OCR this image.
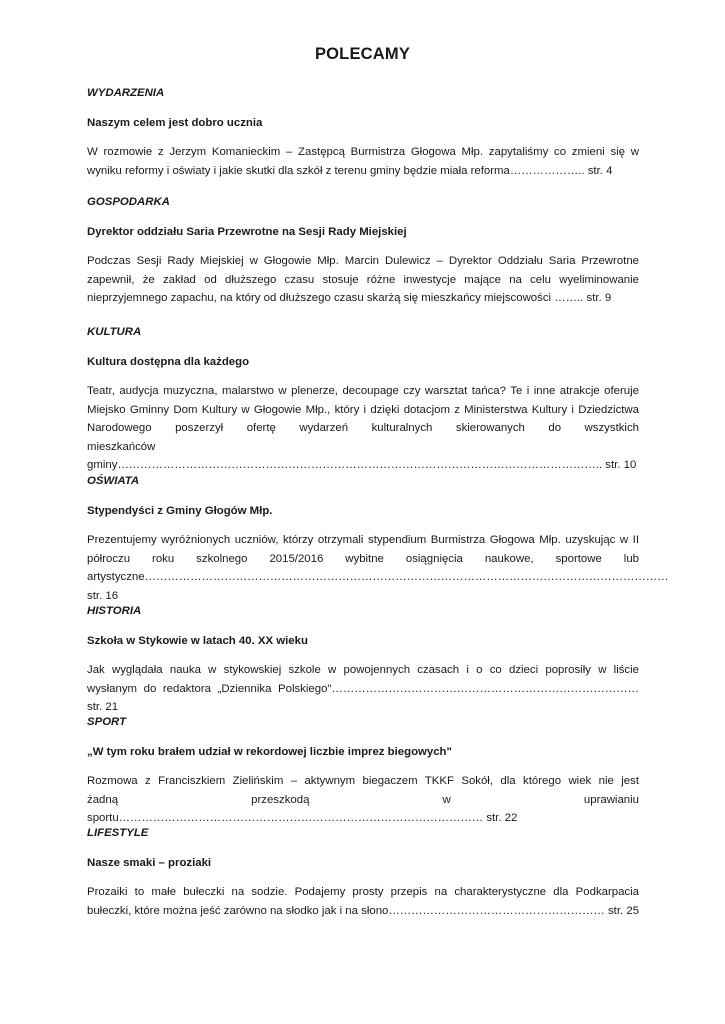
POLECAMY

WYDARZENIA

Naszym celem jest dobro ucznia

W rozmowie z Jerzym Komanieckim – Zastępcą Burmistrza Głogowa Młp. zapytaliśmy co zmieni się w
wyniku reformy i oświaty i jakie skutki dla szkół z terenu gminy będzie miała reforma……………….. str. 4

GOSPODARKA

Dyrektor oddziału Saria Przewrotne na Sesji Rady Miejskiej

Podczas Sesji Rady Miejskiej w Głogowie Młp. Marcin Dulewicz – Dyrektor Oddziału Saria Przewrotne zapewnił, że zakład od dłuższego czasu stosuje różne inwestycje mające na celu wyeliminowanie
nieprzyjemnego zapachu, na który od dłuższego czasu skarżą się mieszkańcy miejscowości …….. str. 9

KULTURA

Kultura dostępna dla każdego

Teatr, audycja muzyczna, malarstwo w plenerze, decoupage czy warsztat tańca? Te i inne atrakcje oferuje Miejsko Gminny Dom Kultury w Głogowie Młp., który i dzięki dotacjom z Ministerstwa Kultury i Dziedzictwa Narodowego poszerzył ofertę wydarzeń kulturalnych skierowanych do wszystkich
mieszkańców gminy……………………………………………………………………………………………………………….. str. 10

OŚWIATA

Stypendyści z Gminy Głogów Młp.

Prezentujemy wyróżnionych uczniów, którzy otrzymali stypendium Burmistrza Głogowa Młp. uzyskując w II półroczu roku szkolnego 2015/2016 wybitne osiągnięcia naukowe, sportowe lub
artystyczne………………………………………………………………………………………………………………………… str. 16

HISTORIA

Szkoła w Stykowie w latach 40. XX wieku

Jak wyglądała nauka w stykowskiej szkole w powojennych czasach i o co dzieci poprosiły w liście
wysłanym do redaktora „Dziennika Polskiego"……………………………………………………………………… str. 21

SPORT

„W tym roku brałem udział w rekordowej liczbie imprez biegowych"

Rozmowa z Franciszkiem Zielińskim – aktywnym biegaczem TKKF Sokół, dla którego wiek nie jest
żadną przeszkodą w uprawianiu sportu…………………………………………………………………………………… str. 22

LIFESTYLE

Nasze smaki – proziaki

Prozaiki to małe bułeczki na sodzie. Podajemy prosty przepis na charakterystyczne dla Podkarpacia
bułeczki, które można jeść zarówno na słodko jak i na słono………………………………………………… str. 25
